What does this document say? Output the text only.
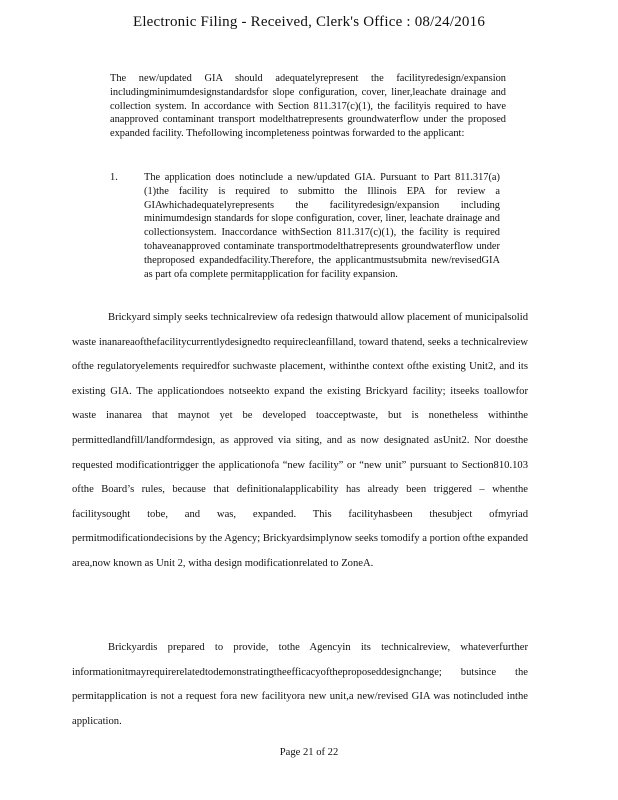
Electronic Filing - Received, Clerk's Office : 08/24/2016
The new/updated GIA should adequatelyrepresent the facilityredesign/expansion includingminimumdesignstandardsfor slope configuration, cover, liner,leachate drainage and collection system. In accordance with Section 811.317(c)(1), the facilityis required to have anapproved contaminant transport modelthatrepresents groundwaterflow under the proposed expanded facility. Thefollowing incompleteness pointwas forwarded to the applicant:
1.	The application does notinclude a new/updated GIA. Pursuant to Part 811.317(a)(1)the facility is required to submitto the Illinois EPA for review a GIAwhichadequatelyrepresents the facilityredesign/expansion including minimumdesign standards for slope configuration, cover, liner, leachate drainage and collectionsystem. Inaccordance withSection 811.317(c)(1), the facility is required tohaveanapproved contaminate transportmodelthatrepresents groundwaterflow under theproposed expandedfacility.Therefore, the applicantmustsubmita new/revisedGIA as part ofa complete permitapplication for facility expansion.
Brickyard simply seeks technicalreview ofa redesign thatwould allow placement of municipalsolid waste inanareaofthefacilitycurrentlydesignedto requirecleanfilland, toward thatend, seeks a technicalreview ofthe regulatoryelements requiredfor suchwaste placement, withinthe context ofthe existing Unit2, and its existing GIA. The applicationdoes notseekto expand the existing Brickyard facility; itseeks toallowfor waste inanarea that maynot yet be developed toacceptwaste, but is nonetheless withinthe permittedlandfill/landformdesign, as approved via siting, and as now designated asUnit2. Nor doesthe requested modificationtrigger the applicationofa “new facility” or “new unit” pursuant to Section810.103 ofthe Board’s rules, because that definitionalapplicability has already been triggered – whenthe facilitysought tobe, and was, expanded. This facilityhasbeen thesubject ofmyriad permitmodificationdecisions by the Agency; Brickyardsimplynow seeks tomodify a portion ofthe expanded area,now known as Unit 2, witha design modificationrelated to ZoneA.
Brickyardis prepared to provide, tothe Agencyin its technicalreview, whateverfurther informationitmayrequirerelatedtodemonstratingtheefficacyoftheproposeddesignchange; butsince the permitapplication is not a request fora new facilityora new unit,a new/revised GIA was notincluded inthe application.
Page 21 of 22
